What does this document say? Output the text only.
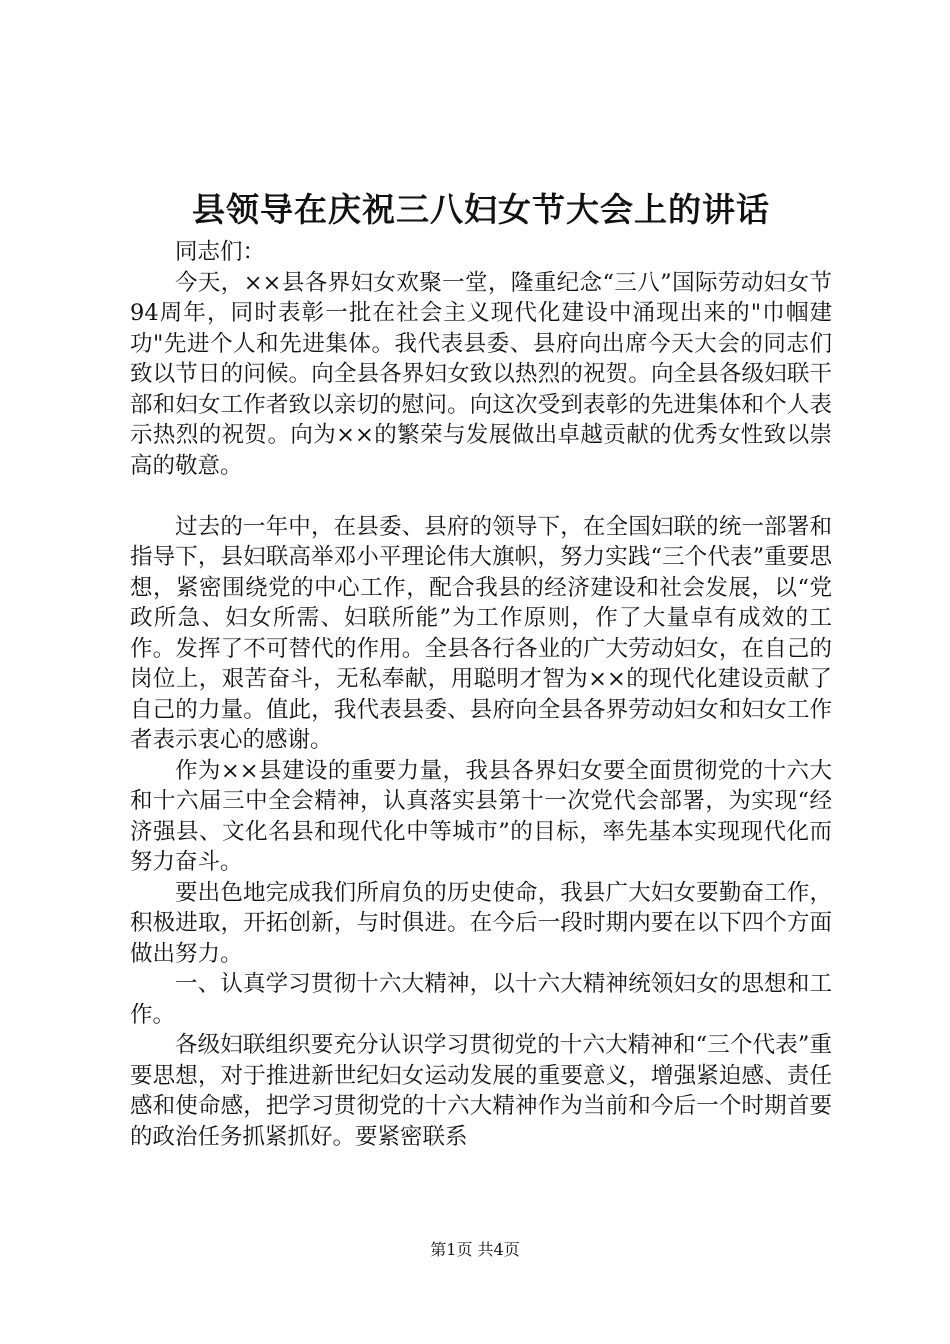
县领导在庆祝三八妇女节大会上的讲话

同志们：

今天，××县各界妇女欢聚一堂，隆重纪念“三八”国际劳动妇女节94周年，同时表彰一批在社会主义现代化建设中涌现出来的"巾帼建功"先进个人和先进集体。我代表县委、县府向出席今天大会的同志们致以节日的问候。向全县各界妇女致以热烈的祝贺。向全县各级妇联干部和妇女工作者致以亲切的慰问。向这次受到表彰的先进集体和个人表示热烈的祝贺。向为××的繁荣与发展做出卓越贡献的优秀女性致以崇高的敬意。

过去的一年中，在县委、县府的领导下，在全国妇联的统一部署和指导下，县妇联高举邓小平理论伟大旗帜，努力实践“三个代表”重要思想，紧密围绕党的中心工作，配合我县的经济建设和社会发展，以“党政所急、妇女所需、妇联所能”为工作原则，作了大量卓有成效的工作。发挥了不可替代的作用。全县各行各业的广大劳动妇女，在自己的岗位上，艰苦奋斗，无私奉献，用聪明才智为××的现代化建设贡献了自己的力量。值此，我代表县委、县府向全县各界劳动妇女和妇女工作者表示衷心的感谢。

作为××县建设的重要力量，我县各界妇女要全面贯彻党的十六大和十六届三中全会精神，认真落实县第十一次党代会部署，为实现“经济强县、文化名县和现代化中等城市”的目标，率先基本实现现代化而努力奋斗。

要出色地完成我们所肩负的历史使命，我县广大妇女要勤奋工作，积极进取，开拓创新，与时俱进。在今后一段时期内要在以下四个方面做出努力。

一、认真学习贯彻十六大精神，以十六大精神统领妇女的思想和工作。

各级妇联组织要充分认识学习贯彻党的十六大精神和“三个代表”重要思想，对于推进新世纪妇女运动发展的重要意义，增强紧迫感、责任感和使命感，把学习贯彻党的十六大精神作为当前和今后一个时期首要的政治任务抓紧抓好。要紧密联系

第1页 共4页
